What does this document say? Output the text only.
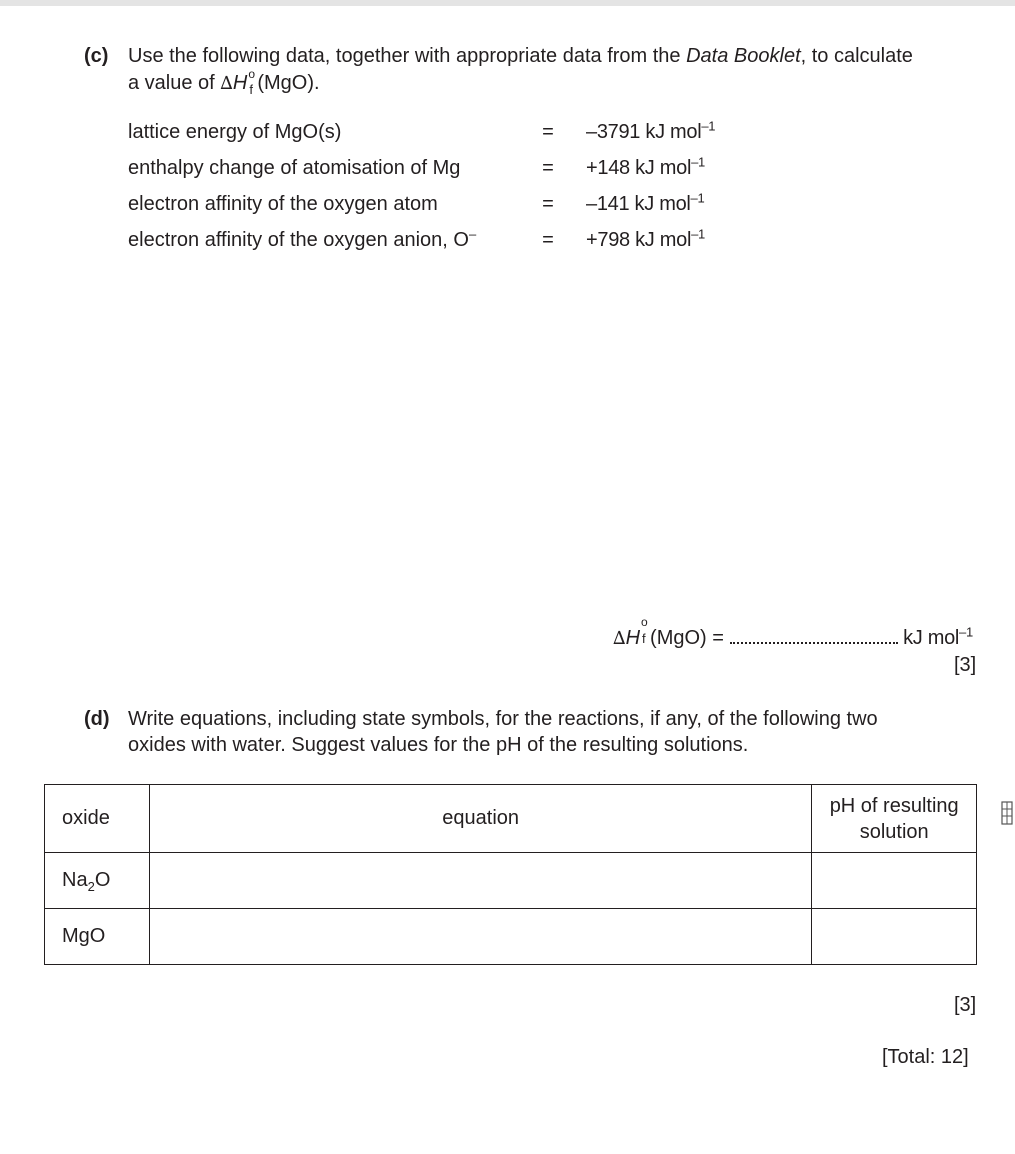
(c) Use the following data, together with appropriate data from the Data Booklet, to calculate
a value of ∆H o
f (MgO).
lattice energy of MgO(s)	= –3791 kJ mol$^{-1}$
enthalpy change of atomisation of Mg	= +148 kJ mol$^{-1}$
electron affinity of the oxygen atom	= –141 kJ mol$^{-1}$
electron affinity of the oxygen anion, O–	= +798 kJ mol$^{-1}$
∆H
o
f (MgO) =	kJ mol$^{-1}$
[3]
(d) Write equations, including state symbols, for the reactions, if any, of the following two
oxides with water. Suggest values for the pH of the resulting solutions.
oxide	equation	pH of resulting
solution
$Na_2O$		
MgO		
[3]
[Total: 12]
